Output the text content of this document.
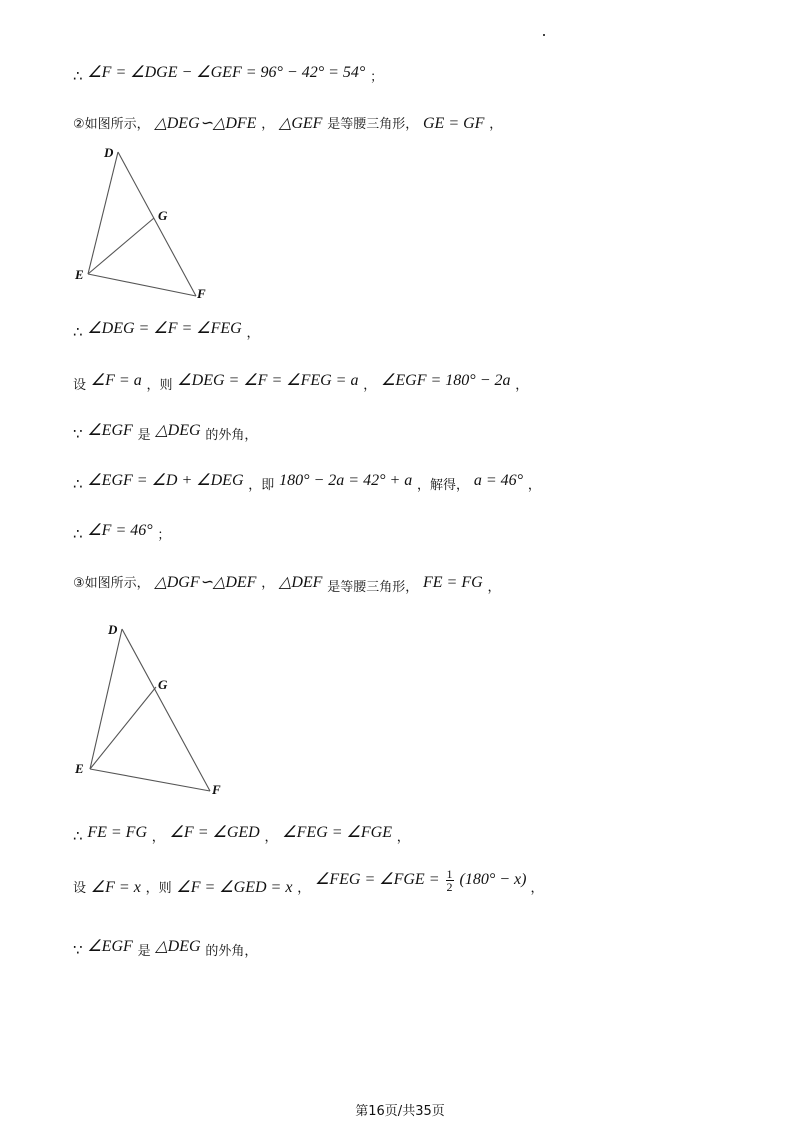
∴ ∠F = ∠DGE − ∠GEF = 96° − 42° = 54° ；
②如图所示， △DEG∽△DFE ， △GEF 是等腰三角形， GE = GF ，
D
G
E
F
∴ ∠DEG = ∠F = ∠FEG ，
设 ∠F = a ，则 ∠DEG = ∠F = ∠FEG = a ， ∠EGF = 180° − 2a ，
∵ ∠EGF 是 △DEG 的外角，
∴ ∠EGF = ∠D + ∠DEG ，即 180° − 2a = 42° + a ，解得， a = 46° ，
∴ ∠F = 46° ；
③如图所示， △DGF∽△DEF ， △DEF 是等腰三角形， FE = FG ，
D
G
E
F
∴ FE = FG ， ∠F = ∠GED ， ∠FEG = ∠FGE ，
设 ∠F = x ，则 ∠F = ∠GED = x ， ∠FEG = ∠FGE = $\frac{1}{2} (180^\circ - x)$ ，
∵ ∠EGF 是 △DEG 的外角，
第16页/共35页
